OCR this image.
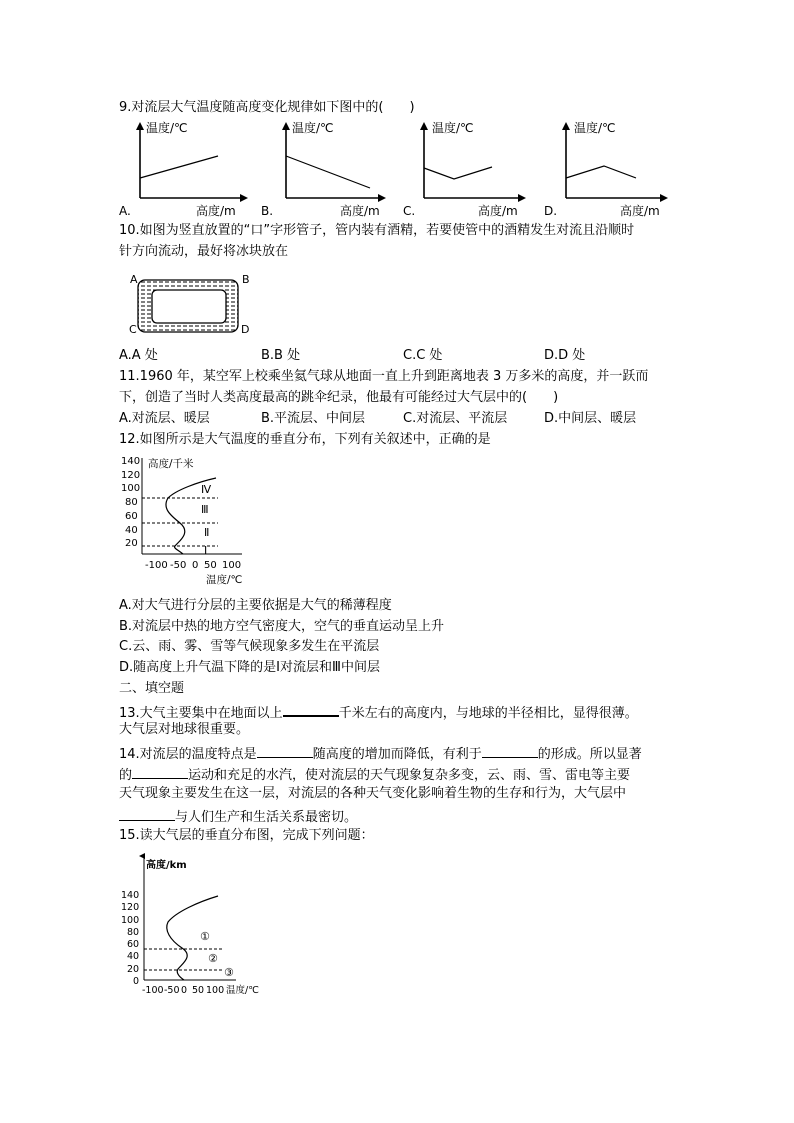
9.对流层大气温度随高度变化规律如下图中的(　　)
温度/℃
高度/m
A.
温度/℃
高度/m
B.
温度/℃
高度/m
C.
温度/℃
高度/m
D.
10.如图为竖直放置的“口”字形管子，管内装有酒精，若要使管中的酒精发生对流且沿顺时
针方向流动，最好将冰块放在
A	B
C	D
A.A 处	B.B 处	C.C 处	D.D 处
11.1960 年，某空军上校乘坐氦气球从地面一直上升到距离地表 3 万多米的高度，并一跃而
下，创造了当时人类高度最高的跳伞纪录，他最有可能经过大气层中的(　　)
A.对流层、暖层	B.平流层、中间层	C.对流层、平流层	D.中间层、暖层
12.如图所示是大气温度的垂直分布，下列有关叙述中，正确的是
高度/千米
140
120
100
80
60
40
20
Ⅳ
Ⅲ
Ⅱ
Ⅰ
-100 -50 0 50 100
温度/℃
A.对大气进行分层的主要依据是大气的稀薄程度
B.对流层中热的地方空气密度大，空气的垂直运动呈上升
C.云、雨、雾、雪等气候现象多发生在平流层
D.随高度上升气温下降的是Ⅰ对流层和Ⅲ中间层
二、填空题
13.大气主要集中在地面以上	千米左右的高度内，与地球的半径相比，显得很薄。
大气层对地球很重要。
14.对流层的温度特点是	随高度的增加而降低，有利于	的形成。所以显著
的	运动和充足的水汽，使对流层的天气现象复杂多变，云、雨、雪、雷电等主要
天气现象主要发生在这一层，对流层的各种天气变化影响着生物的生存和行为，大气层中
与人们生产和生活关系最密切。
15.读大气层的垂直分布图，完成下列问题：
高度/km
140
120
100
80
60
40
20
0
①
②
③
-100 -50 0 50 100 温度/℃
